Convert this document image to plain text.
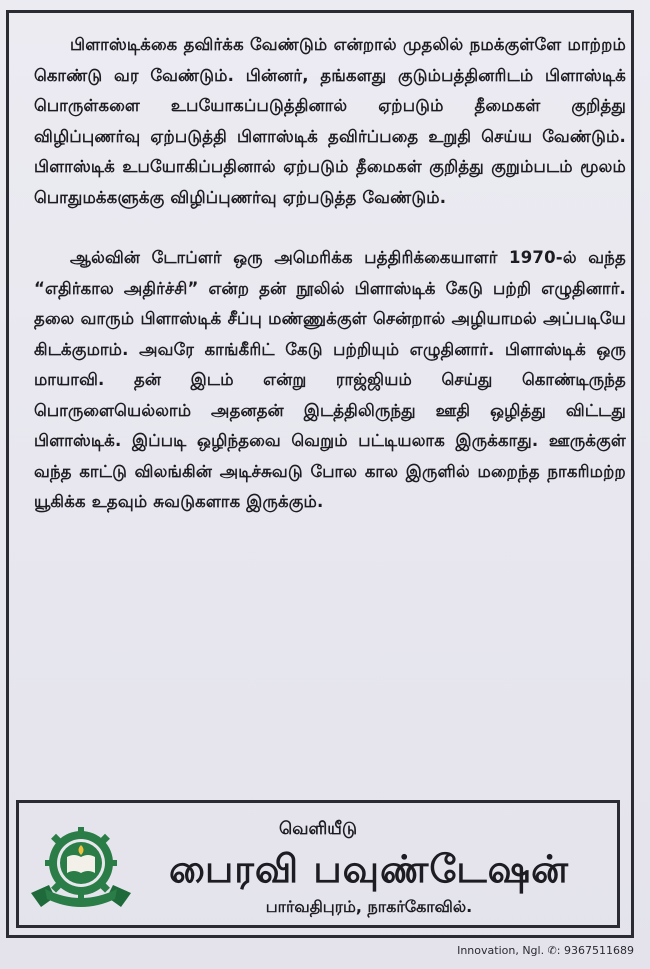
பிளாஸ்டிக்கை தவிர்க்க வேண்டும் என்றால் முதலில் நமக்குள்ளே மாற்றம் கொண்டு வர வேண்டும். பின்னர், தங்களது குடும்பத்தினரிடம் பிளாஸ்டிக் பொருள்களை உபயோகப்படுத்தினால் ஏற்படும் தீமைகள் குறித்து விழிப்புணர்வு ஏற்படுத்தி பிளாஸ்டிக் தவிர்ப்பதை உறுதி செய்ய வேண்டும். பிளாஸ்டிக் உபயோகிப்பதினால் ஏற்படும் தீமைகள் குறித்து குறும்படம் மூலம் பொதுமக்களுக்கு விழிப்புணர்வு ஏற்படுத்த வேண்டும்.

ஆல்வின் டோப்ளர் ஒரு அமெரிக்க பத்திரிக்கையாளர் 1970-ல் வந்த “எதிர்கால அதிர்ச்சி” என்ற தன் நூலில் பிளாஸ்டிக் கேடு பற்றி எழுதினார். தலை வாரும் பிளாஸ்டிக் சீப்பு மண்ணுக்குள் சென்றால் அழியாமல் அப்படியே கிடக்குமாம். அவரே காங்கீரிட் கேடு பற்றியும் எழுதினார். பிளாஸ்டிக் ஒரு மாயாவி. தன் இடம் என்று ராஜ்ஜியம் செய்து கொண்டிருந்த பொருளையெல்லாம் அதனதன் இடத்திலிருந்து ஊதி ஒழித்து விட்டது பிளாஸ்டிக். இப்படி ஒழிந்தவை வெறும் பட்டியலாக இருக்காது. ஊருக்குள் வந்த காட்டு விலங்கின் அடிச்சுவடு போல கால இருளில் மறைந்த நாகரிமற்ற யூகிக்க உதவும் சுவடுகளாக இருக்கும்.

வெளியீடு
பைரவி பவுண்டேஷன்
பார்வதிபுரம், நாகர்கோவில்.
Innovation, Ngl. ✆: 9367511689
